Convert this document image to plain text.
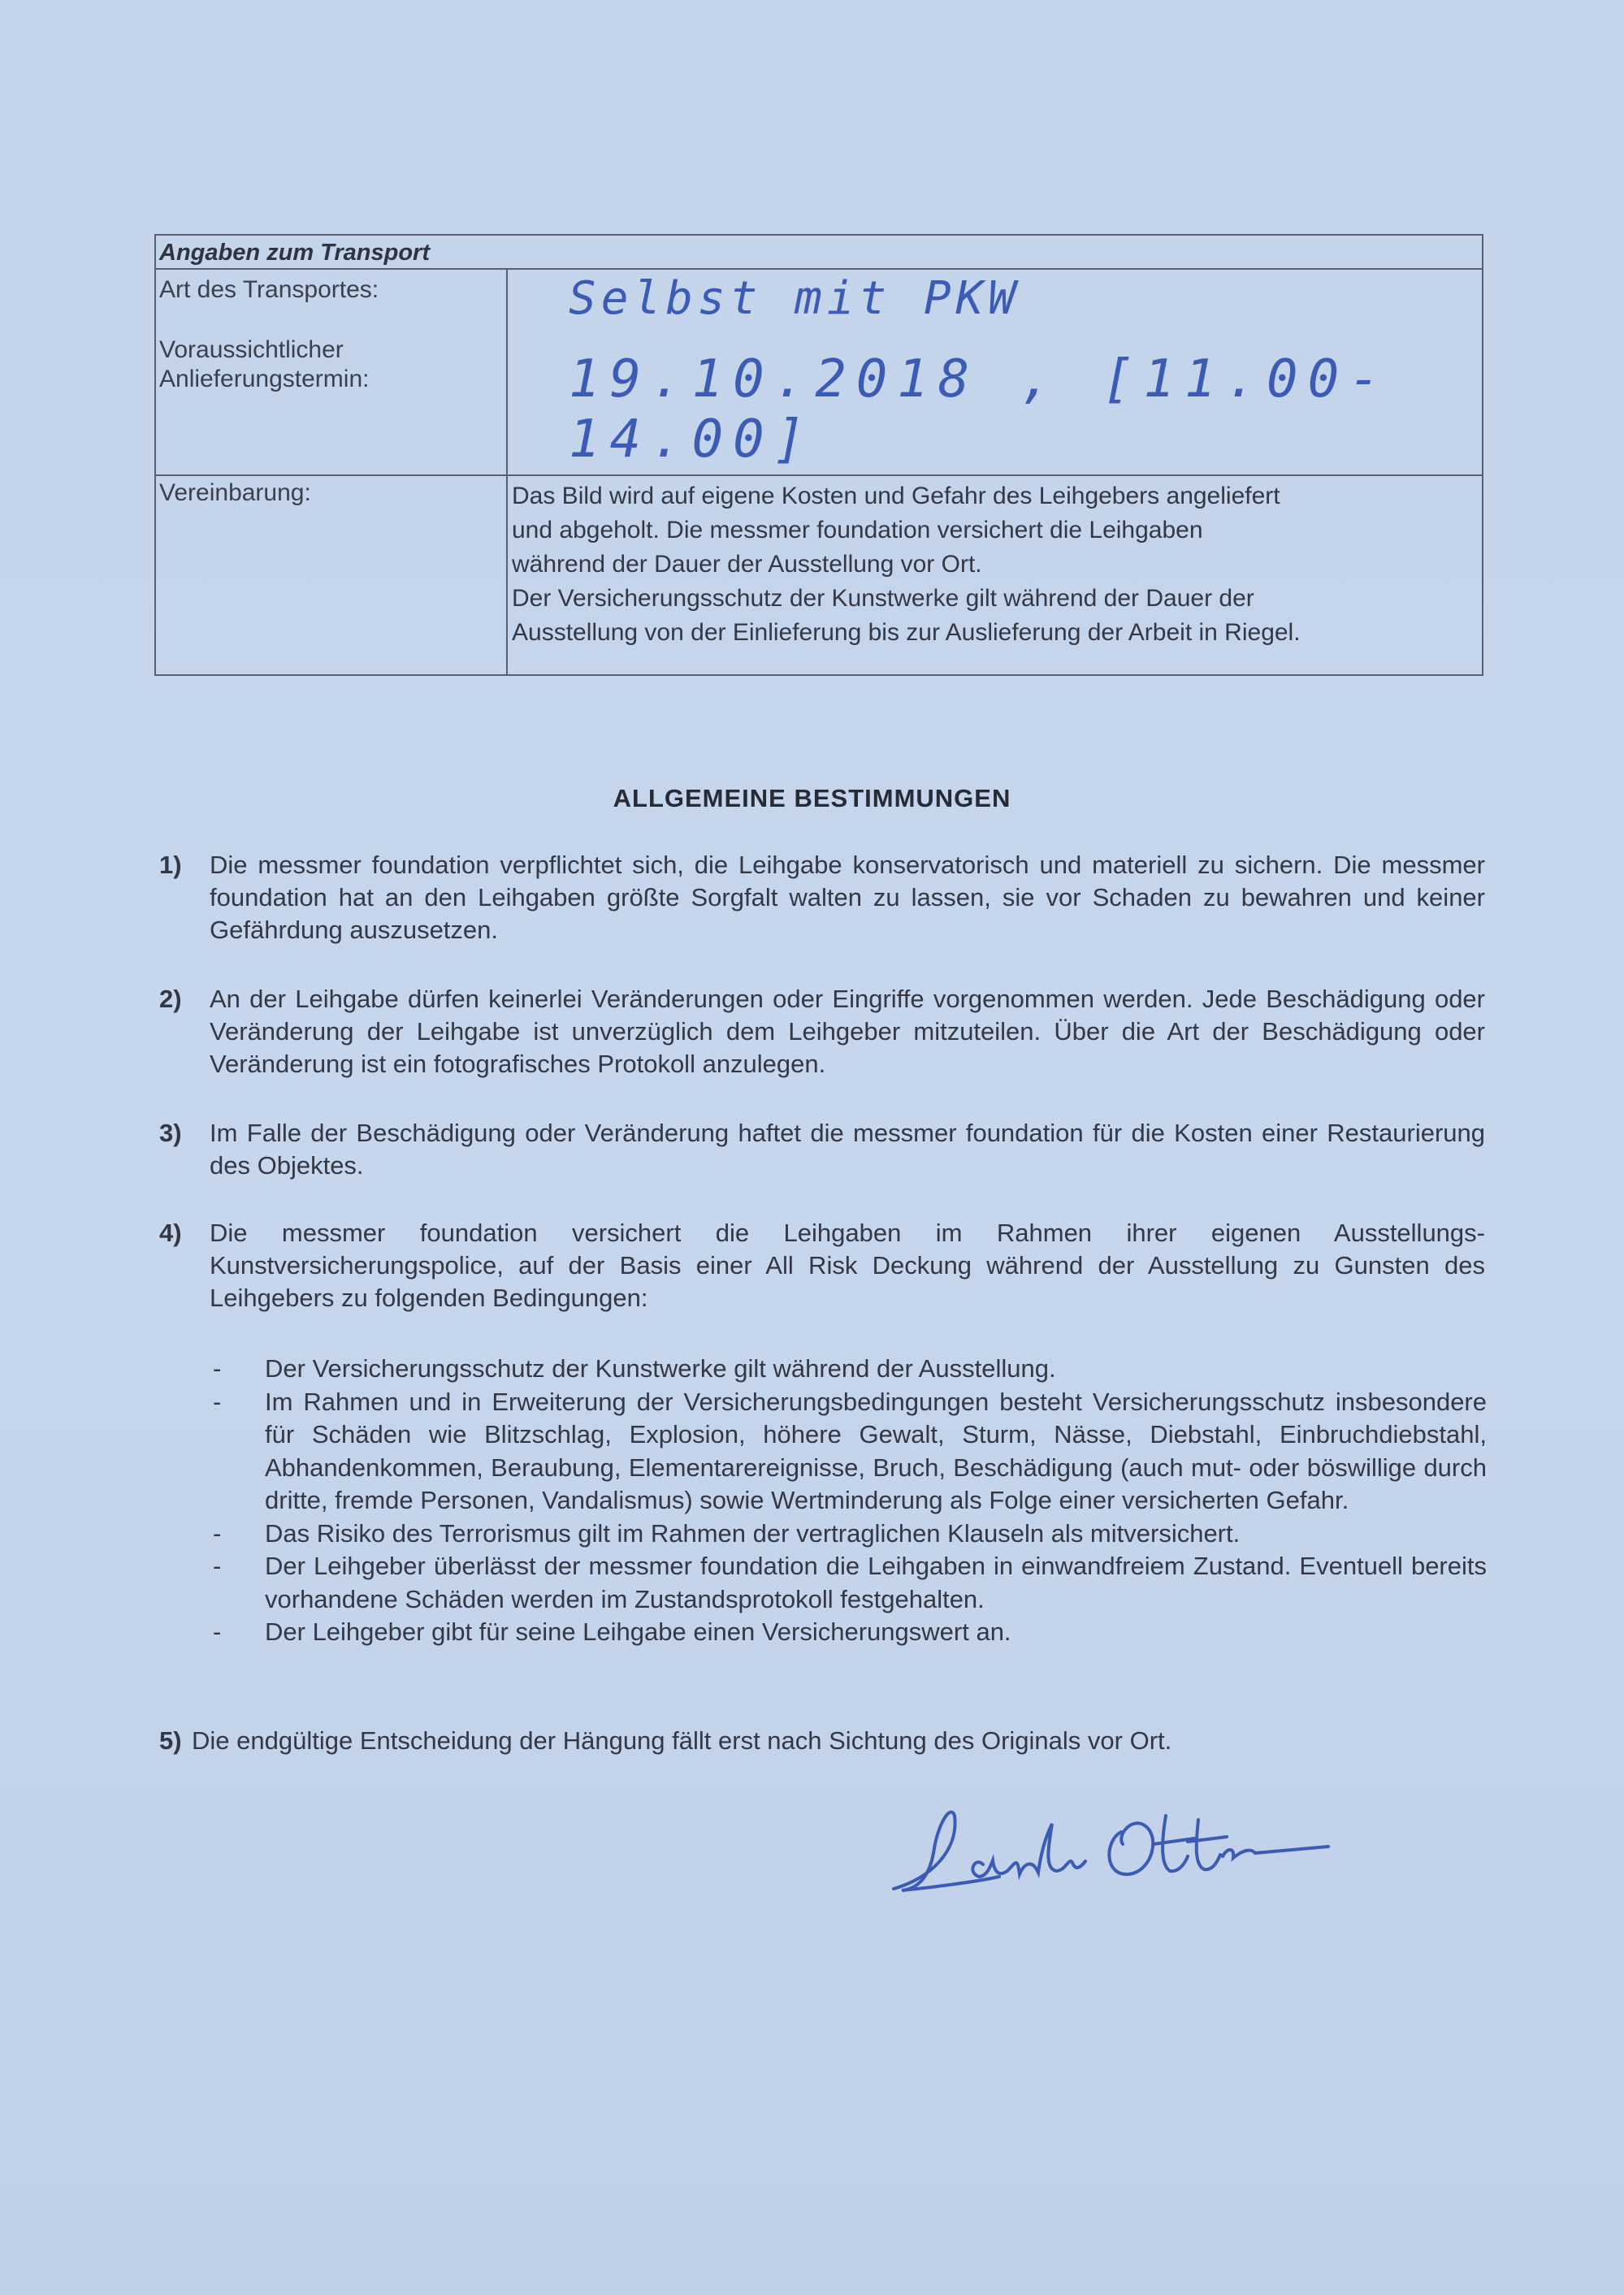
Angaben zum Transport
Art des Transportes:
Voraussichtlicher
Anlieferungstermin:
Vereinbarung:
Selbst mit PKW
19.10.2018 , [11.00-14.00]

Das Bild wird auf eigene Kosten und Gefahr des Leihgebers angeliefert

und abgeholt. Die messmer foundation versichert die Leihgaben

während der Dauer der Ausstellung vor Ort.

Der Versicherungsschutz der Kunstwerke gilt während der Dauer der

Ausstellung von der Einlieferung bis zur Auslieferung der Arbeit in Riegel.

ALLGEMEINE BESTIMMUNGEN
1) Die messmer foundation verpflichtet sich, die Leihgabe konservatorisch und materiell zu sichern. Die messmer foundation hat an den Leihgaben größte Sorgfalt walten zu lassen, sie vor Schaden zu bewahren und keiner Gefährdung auszusetzen.
2) An der Leihgabe dürfen keinerlei Veränderungen oder Eingriffe vorgenommen werden. Jede Beschädigung oder Veränderung der Leihgabe ist unverzüglich dem Leihgeber mitzuteilen. Über die Art der Beschädigung oder Veränderung ist ein fotografisches Protokoll anzulegen.
3) Im Falle der Beschädigung oder Veränderung haftet die messmer foundation für die Kosten einer Restaurierung des Objektes.
4) Die messmer foundation versichert die Leihgaben im Rahmen ihrer eigenen Ausstellungs-Kunstversicherungspolice, auf der Basis einer All Risk Deckung während der Ausstellung zu Gunsten des Leihgebers zu folgenden Bedingungen:
- Der Versicherungsschutz der Kunstwerke gilt während der Ausstellung.
- Im Rahmen und in Erweiterung der Versicherungsbedingungen besteht Versicherungsschutz insbesondere für Schäden wie Blitzschlag, Explosion, höhere Gewalt, Sturm, Nässe, Diebstahl, Einbruchdiebstahl, Abhandenkommen, Beraubung, Elementarereignisse, Bruch, Beschädigung (auch mut- oder böswillige durch dritte, fremde Personen, Vandalismus) sowie Wertminderung als Folge einer versicherten Gefahr.
- Das Risiko des Terrorismus gilt im Rahmen der vertraglichen Klauseln als mitversichert.
- Der Leihgeber überlässt der messmer foundation die Leihgaben in einwandfreiem Zustand. Eventuell bereits vorhandene Schäden werden im Zustandsprotokoll festgehalten.
- Der Leihgeber gibt für seine Leihgabe einen Versicherungswert an.
5) Die endgültige Entscheidung der Hängung fällt erst nach Sichtung des Originals vor Ort.
